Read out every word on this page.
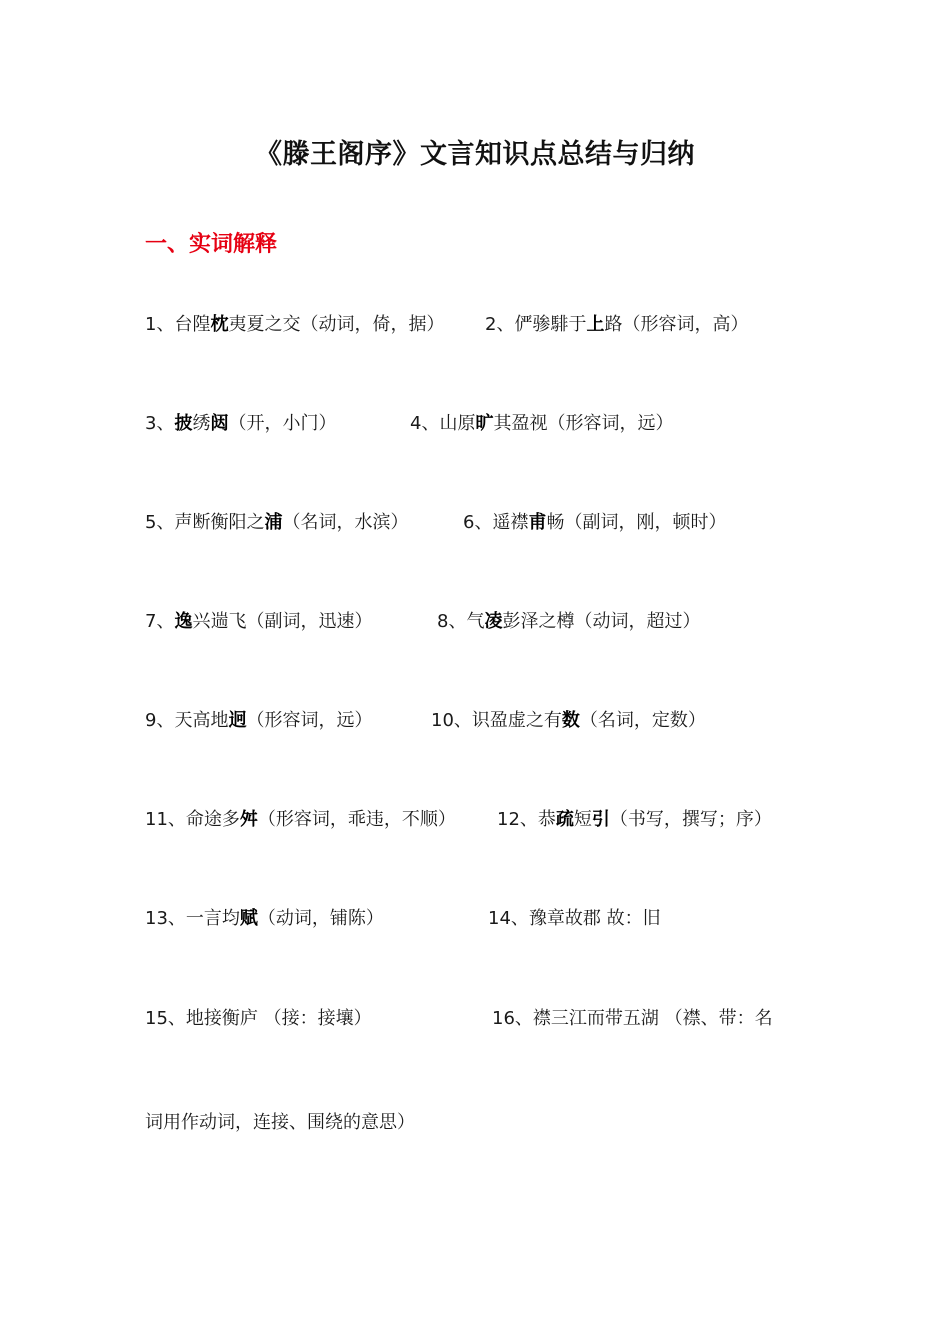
《滕王阁序》文言知识点总结与归纳
一、实词解释
1、台隍枕夷夏之交（动词，倚，据） 2、俨骖騑于上路（形容词，高）
3、披绣闼（开，小门）	4、山原旷其盈视（形容词，远）
5、声断衡阳之浦（名词，水滨）	6、遥襟甫畅（副词，刚，顿时）
7、逸兴遄飞（副词，迅速）	8、气凌彭泽之樽（动词，超过）
9、天高地迥（形容词，远）	10、识盈虚之有数（名词，定数）
11、命途多舛（形容词，乖违，不顺） 12、恭疏短引（书写，撰写；序）
13、一言均赋（动词，铺陈）	14、豫章故郡 故：旧
15、地接衡庐 （接：接壤）	16、襟三江而带五湖 （襟、带：名
词用作动词，连接、围绕的意思）
